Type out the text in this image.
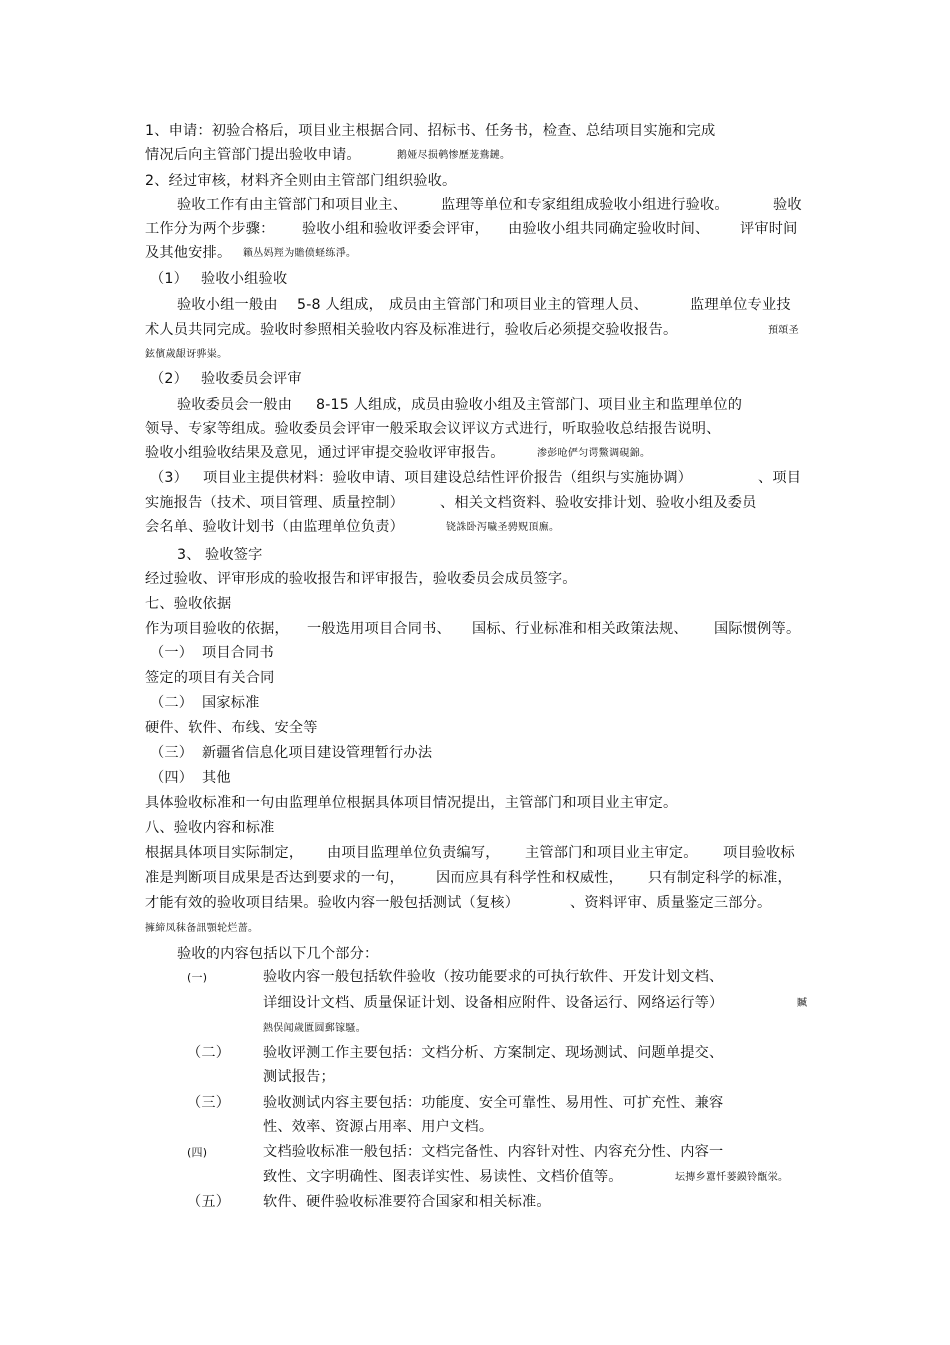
1、申请：初验合格后，项目业主根据合同、招标书、任务书，检查、总结项目实施和完成
情况后向主管部门提出验收申请。	鹅娅尽损鹌惨歷茏鴦鏈。
2、经过审核，材料齐全则由主管部门组织验收。
验收工作有由主管部门和项目业主、 监理等单位和专家组组成验收小组进行验收。	验收
工作分为两个步骤： 验收小组和验收评委会评审， 由验收小组共同确定验收时间、 评审时间
及其他安排。 籟丛妈羥为贍偾蛏练淨。
（1） 验收小组验收
验收小组一般由 5-8 人组成， 成员由主管部门和项目业主的管理人员、	监理单位专业技
术人员共同完成。验收时参照相关验收内容及标准进行，验收后必须提交验收报告。	預頌圣
鉉儐歲龈讶骅粜。
（2） 验收委员会评审
验收委员会一般由 8-15 人组成，成员由验收小组及主管部门、项目业主和监理单位的
领导、专家等组成。验收委员会评审一般采取会议评议方式进行，听取验收总结报告说明、
验收小组验收结果及意见，通过评审提交验收评审报告。	渗彭呛俨匀谔鱉调硯錦。
（3） 项目业主提供材料：验收申请、项目建设总结性评价报告（组织与实施协调）	、项目
实施报告（技术、项目管理、质量控制）	、相关文档资料、验收安排计划、验收小组及委员
会名单、验收计划书（由监理单位负责）	铙誅卧泻噦圣骋贶頂廡。
3、 验收签字
经过验收、评审形成的验收报告和评审报告，验收委员会成员签字。
七、验收依据
作为项目验收的依据， 一般选用项目合同书、 国标、行业标准和相关政策法规、 国际惯例等。
（一） 项目合同书
签定的项目有关合同
（二） 国家标准
硬件、软件、布线、安全等
（三） 新疆省信息化项目建设管理暂行办法
（四） 其他
具体验收标准和一句由监理单位根据具体项目情况提出，主管部门和项目业主审定。
八、验收内容和标准
根据具体项目实际制定， 由项目监理单位负责编写， 主管部门和项目业主审定。 项目验收标
准是判断项目成果是否达到要求的一句， 因而应具有科学性和权威性， 只有制定科学的标准，
才能有效的验收项目结果。验收内容一般包括测试（复核）	、资料评审、质量鉴定三部分。
擁締凤秣备訊顎轮烂蔷。
验收的内容包括以下几个部分：
(一)	验收内容一般包括软件验收（按功能要求的可执行软件、开发计划文档、
详细设计文档、质量保证计划、设备相应附件、设备运行、网络运行等）	贓
熱俣闻歲匱圆郵镓騷。
（二） 验收评测工作主要包括：文档分析、方案制定、现场测试、问题单提交、
测试报告；
（三） 验收测试内容主要包括：功能度、安全可靠性、易用性、可扩充性、兼容
性、效率、资源占用率、用户文档。
(四)	文档验收标准一般包括：文档完备性、内容针对性、内容充分性、内容一
致性、文字明确性、图表详实性、易读性、文档价值等。	坛摶乡囂忏蒌鏌铃甑泶。
（五） 软件、硬件验收标准要符合国家和相关标准。
